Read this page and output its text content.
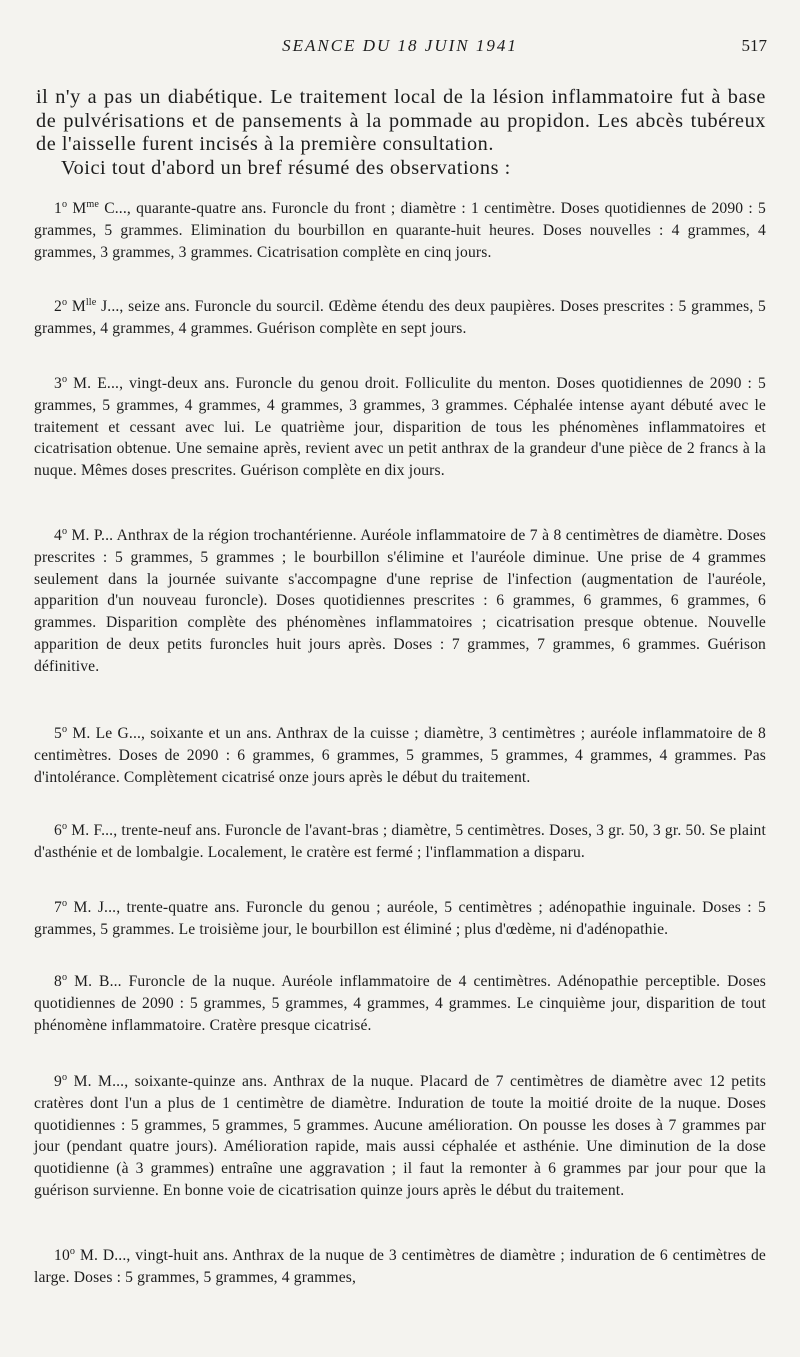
SEANCE DU 18 JUIN 1941	517

il n'y a pas un diabétique. Le traitement local de la lésion inflammatoire fut à base de pulvérisations et de pansements à la pommade au propidon. Les abcès tubéreux de l'aisselle furent incisés à la première consultation.

Voici tout d'abord un bref résumé des observations :

1$^o$ $M^{me}$ C..., quarante-quatre ans. Furoncle du front ; diamètre : 1 centimètre. Doses quotidiennes de 2090 : 5 grammes, 5 grammes. Elimination du bourbillon en quarante-huit heures. Doses nouvelles : 4 grammes, 4 grammes, 3 grammes, 3 grammes. Cicatrisation complète en cinq jours.

2$^o$ $M^{lle}$ J..., seize ans. Furoncle du sourcil. Œdème étendu des deux paupières. Doses prescrites : 5 grammes, 5 grammes, 4 grammes, 4 grammes. Guérison complète en sept jours.

3$^o$ M. E..., vingt-deux ans. Furoncle du genou droit. Folliculite du menton. Doses quotidiennes de 2090 : 5 grammes, 5 grammes, 4 grammes, 4 grammes, 3 grammes, 3 grammes. Céphalée intense ayant débuté avec le traitement et cessant avec lui. Le quatrième jour, disparition de tous les phénomènes inflammatoires et cicatrisation obtenue. Une semaine après, revient avec un petit anthrax de la grandeur d'une pièce de 2 francs à la nuque. Mêmes doses prescrites. Guérison complète en dix jours.

4$^o$ M. P... Anthrax de la région trochantérienne. Auréole inflammatoire de 7 à 8 centimètres de diamètre. Doses prescrites : 5 grammes, 5 grammes ; le bourbillon s'élimine et l'auréole diminue. Une prise de 4 grammes seulement dans la journée suivante s'accompagne d'une reprise de l'infection (augmentation de l'auréole, apparition d'un nouveau furoncle). Doses quotidiennes prescrites : 6 grammes, 6 grammes, 6 grammes, 6 grammes. Disparition complète des phénomènes inflammatoires ; cicatrisation presque obtenue. Nouvelle apparition de deux petits furoncles huit jours après. Doses : 7 grammes, 7 grammes, 6 grammes. Guérison définitive.

5$^o$ M. Le G..., soixante et un ans. Anthrax de la cuisse ; diamètre, 3 centimètres ; auréole inflammatoire de 8 centimètres. Doses de 2090 : 6 grammes, 6 grammes, 5 grammes, 5 grammes, 4 grammes, 4 grammes. Pas d'intolérance. Complètement cicatrisé onze jours après le début du traitement.

6$^o$ M. F..., trente-neuf ans. Furoncle de l'avant-bras ; diamètre, 5 centimètres. Doses, 3 gr. 50, 3 gr. 50. Se plaint d'asthénie et de lombalgie. Localement, le cratère est fermé ; l'inflammation a disparu.

7$^o$ M. J..., trente-quatre ans. Furoncle du genou ; auréole, 5 centimètres ; adénopathie inguinale. Doses : 5 grammes, 5 grammes. Le troisième jour, le bourbillon est éliminé ; plus d'œdème, ni d'adénopathie.

8$^o$ M. B... Furoncle de la nuque. Auréole inflammatoire de 4 centimètres. Adénopathie perceptible. Doses quotidiennes de 2090 : 5 grammes, 5 grammes, 4 grammes, 4 grammes. Le cinquième jour, disparition de tout phénomène inflammatoire. Cratère presque cicatrisé.

9$^o$ M. M..., soixante-quinze ans. Anthrax de la nuque. Placard de 7 centimètres de diamètre avec 12 petits cratères dont l'un a plus de 1 centimètre de diamètre. Induration de toute la moitié droite de la nuque. Doses quotidiennes : 5 grammes, 5 grammes, 5 grammes. Aucune amélioration. On pousse les doses à 7 grammes par jour (pendant quatre jours). Amélioration rapide, mais aussi céphalée et asthénie. Une diminution de la dose quotidienne (à 3 grammes) entraîne une aggravation ; il faut la remonter à 6 grammes par jour pour que la guérison survienne. En bonne voie de cicatrisation quinze jours après le début du traitement.

10$^o$ M. D..., vingt-huit ans. Anthrax de la nuque de 3 centimètres de diamètre ; induration de 6 centimètres de large. Doses : 5 grammes, 5 grammes, 4 grammes,
